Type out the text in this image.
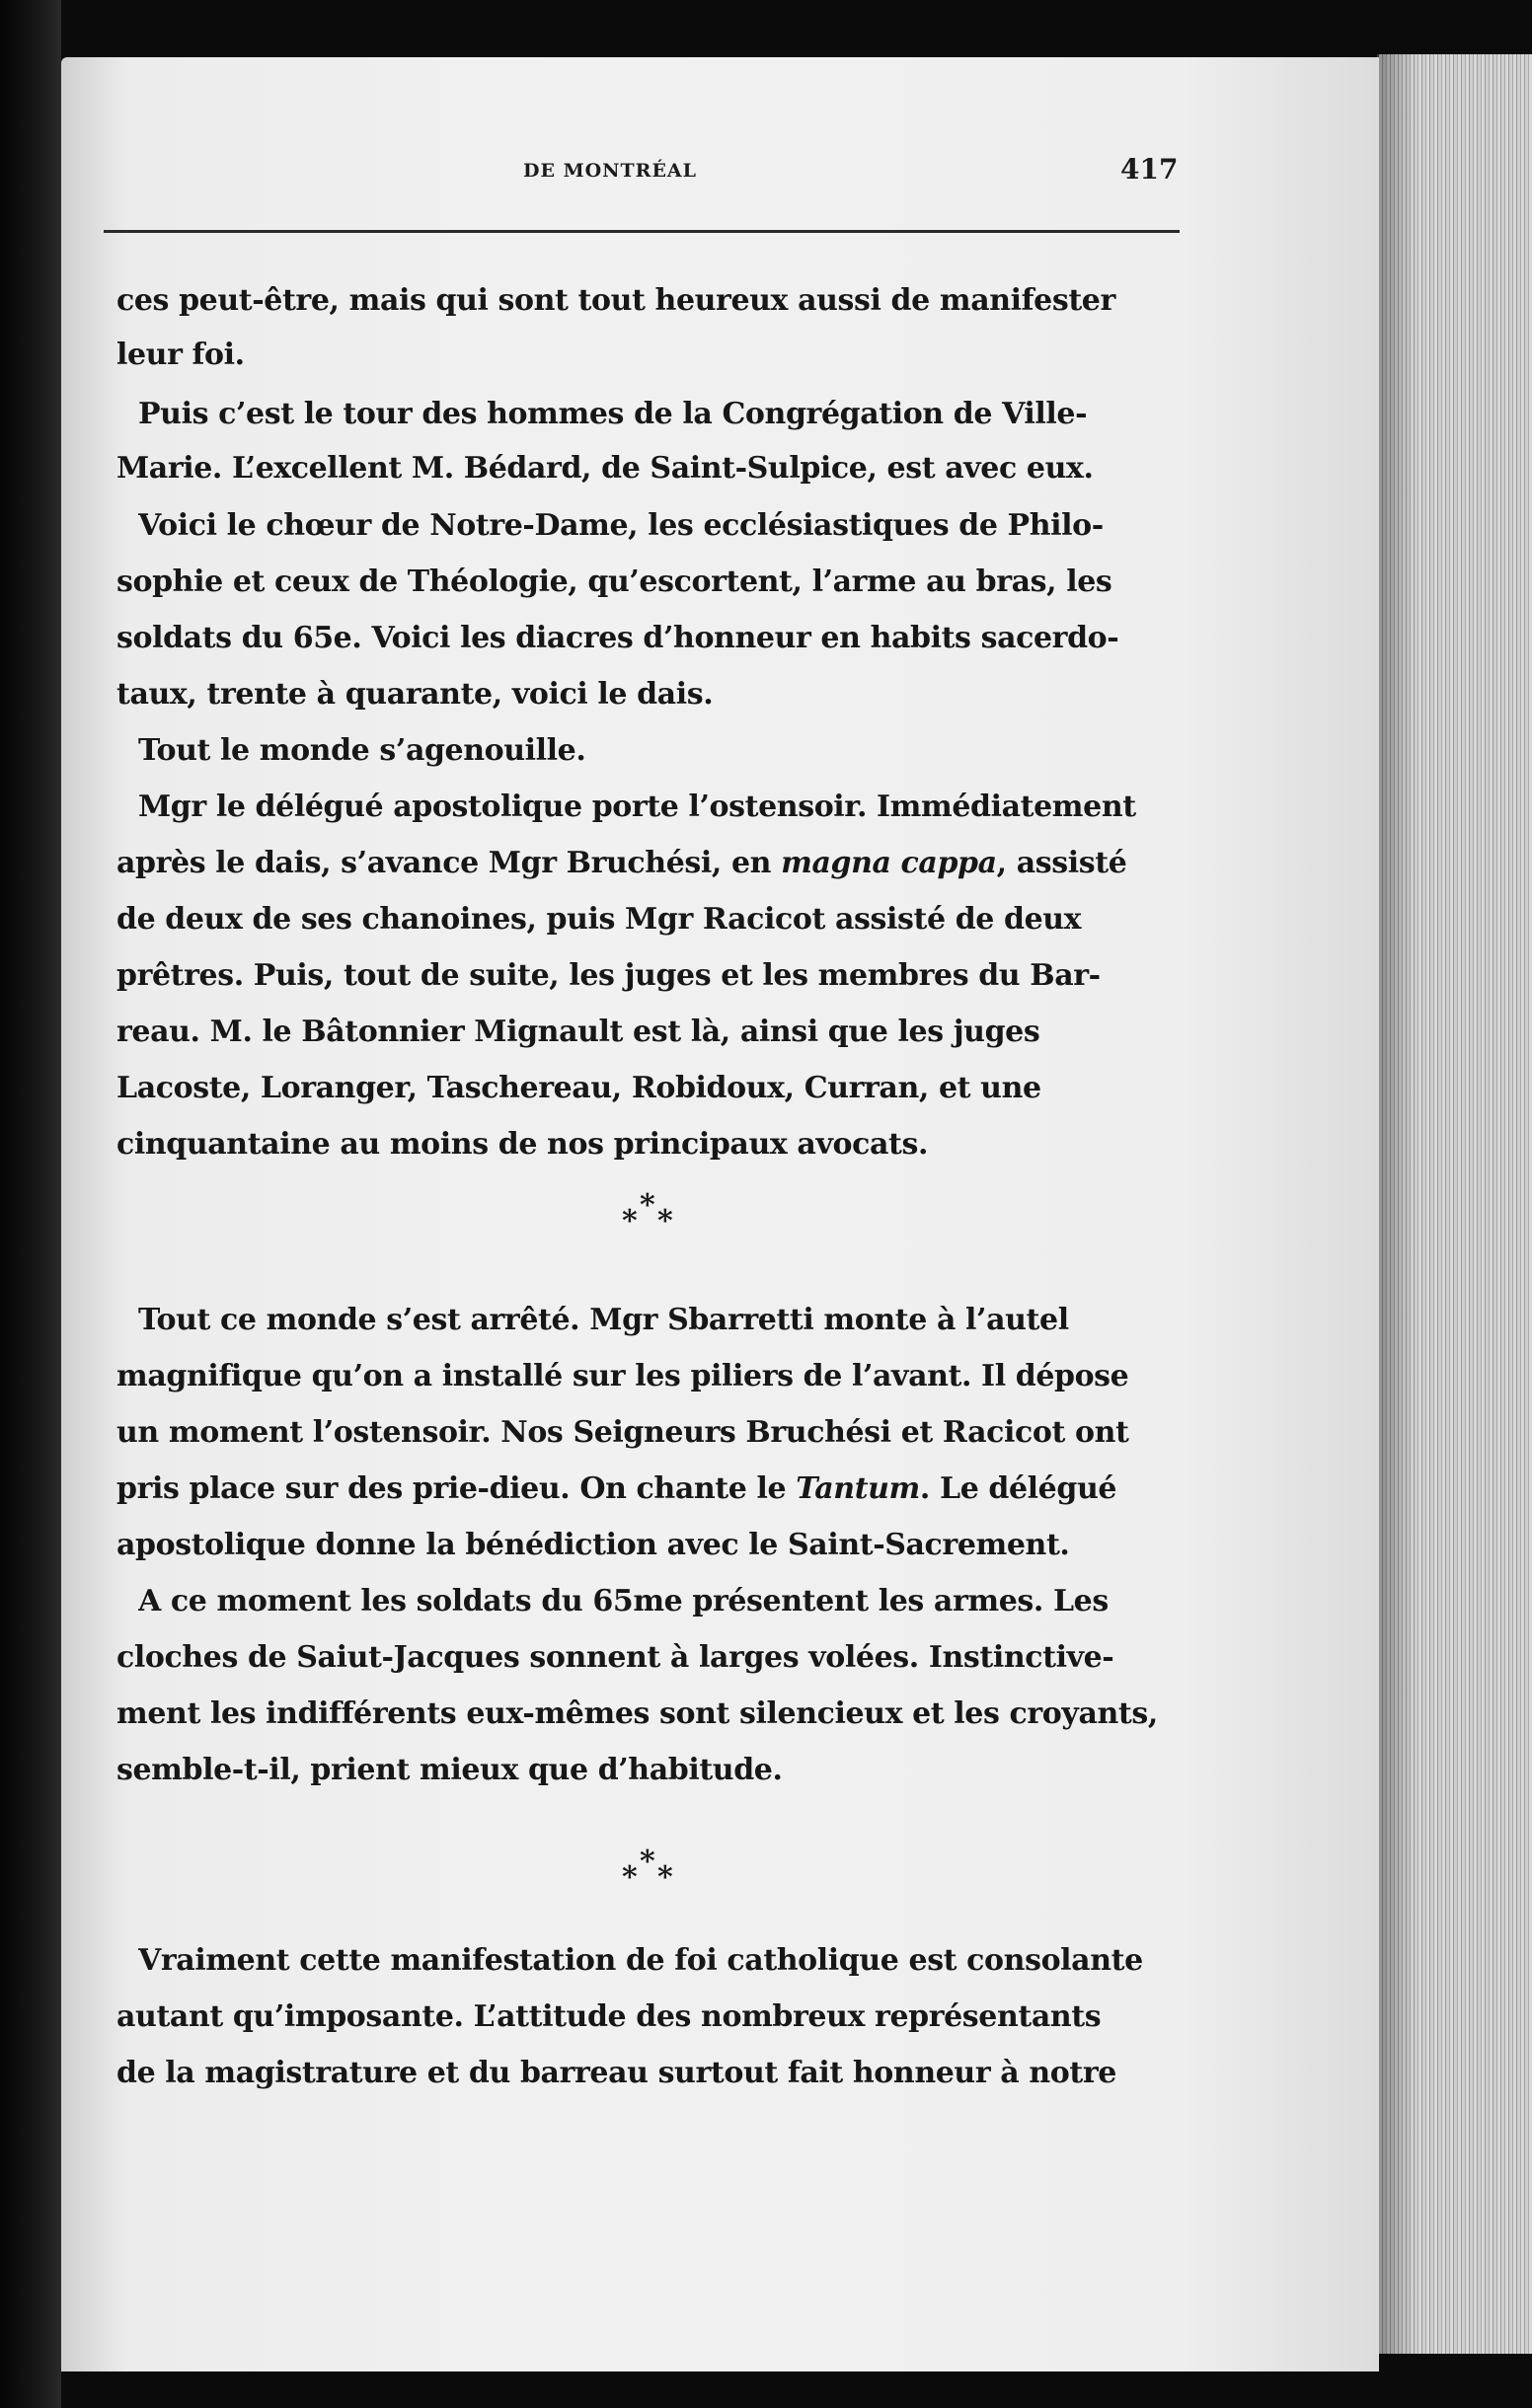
DE MONTRÉAL	417
ces peut-être, mais qui sont tout heureux aussi de manifester
leur foi.
Puis c’est le tour des hommes de la Congrégation de Ville-
Marie. L’excellent M. Bédard, de Saint-Sulpice, est avec eux.
Voici le chœur de Notre-Dame, les ecclésiastiques de Philo-
sophie et ceux de Théologie, qu’escortent, l’arme au bras, les
soldats du 65e. Voici les diacres d’honneur en habits sacerdo-
taux, trente à quarante, voici le dais.
Tout le monde s’agenouille.
Mgr le délégué apostolique porte l’ostensoir. Immédiatement
après le dais, s’avance Mgr Bruchési, en magna cappa, assisté
de deux de ses chanoines, puis Mgr Racicot assisté de deux
prêtres. Puis, tout de suite, les juges et les membres du Bar-
reau. M. le Bâtonnier Mignault est là, ainsi que les juges
Lacoste, Loranger, Taschereau, Robidoux, Curran, et une
cinquantaine au moins de nos principaux avocats.
* * *
Tout ce monde s’est arrêté. Mgr Sbarretti monte à l’autel
magnifique qu’on a installé sur les piliers de l’avant. Il dépose
un moment l’ostensoir. Nos Seigneurs Bruchési et Racicot ont
pris place sur des prie-dieu. On chante le Tantum. Le délégué
apostolique donne la bénédiction avec le Saint-Sacrement.
A ce moment les soldats du 65me présentent les armes. Les
cloches de Saiut-Jacques sonnent à larges volées. Instinctive-
ment les indifférents eux-mêmes sont silencieux et les croyants,
semble-t-il, prient mieux que d’habitude.
* * *
Vraiment cette manifestation de foi catholique est consolante
autant qu’imposante. L’attitude des nombreux représentants
de la magistrature et du barreau surtout fait honneur à notre
